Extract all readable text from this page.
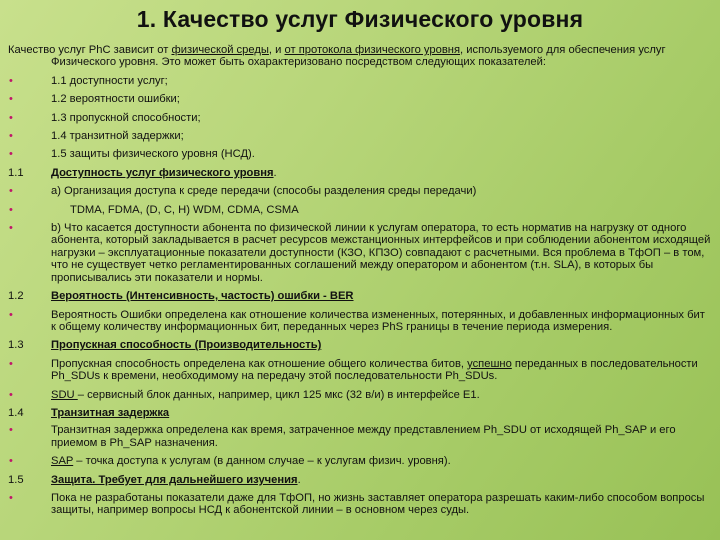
1. Качество услуг Физического уровня
Качество услуг PhC зависит от физической среды, и от протокола физического уровня, используемого для обеспечения услуг Физического уровня. Это может быть охарактеризовано посредством следующих показателей:
•	1.1 доступности услуг;
•	1.2 вероятности ошибки;
•	1.3 пропускной способности;
•	1.4 транзитной задержки;
•	1.5 защиты физического уровня (НСД).
1.1	Доступность услуг физического уровня.
•	a) Организация доступа к среде передачи (способы разделения среды передачи)
•	TDMA, FDMA, (D, C, H) WDM, CDMA, CSMA
•	b) Что касается доступности абонента по физической линии к услугам оператора, то есть норматив на нагрузку от одного абонента, который закладывается в расчет ресурсов межстанционных интерфейсов и при соблюдении абонентом исходящей нагрузки – эксплуатационные показатели доступности (КЗО, КПЗО) совпадают с расчетными. Вся проблема в ТфОП – в том, что не существует четко регламентированных соглашений между оператором и абонентом (т.н. SLA), в которых бы прописывались эти показатели и нормы.
1.2	Вероятность (Интенсивность, частость) ошибки - BER
•	Вероятность Ошибки определена как отношение количества измененных, потерянных, и добавленных информационных бит к общему количеству информационных бит, переданных через PhS границы в течение периода измерения.
1.3	Пропускная способность (Производительность)
•	Пропускная способность определена как отношение общего количества битов, успешно переданных в последовательности Ph_SDUs к времени, необходимому на передачу этой последовательности Ph_SDUs.
•	SDU – сервисный блок данных, например, цикл 125 мкс (32 в/и) в интерфейсе E1.
1.4	Транзитная задержка
•	Транзитная задержка определена как время, затраченное между представлением Ph_SDU от исходящей Ph_SAP и его приемом в Ph_SAP назначения.
•	SAP – точка доступа к услугам (в данном случае – к услугам физич. уровня).
1.5	Защита. Требует для дальнейшего изучения.
•	Пока не разработаны показатели даже для ТфОП, но жизнь заставляет оператора разрешать каким-либо способом вопросы защиты, например вопросы НСД к абонентской линии – в основном через суды.
